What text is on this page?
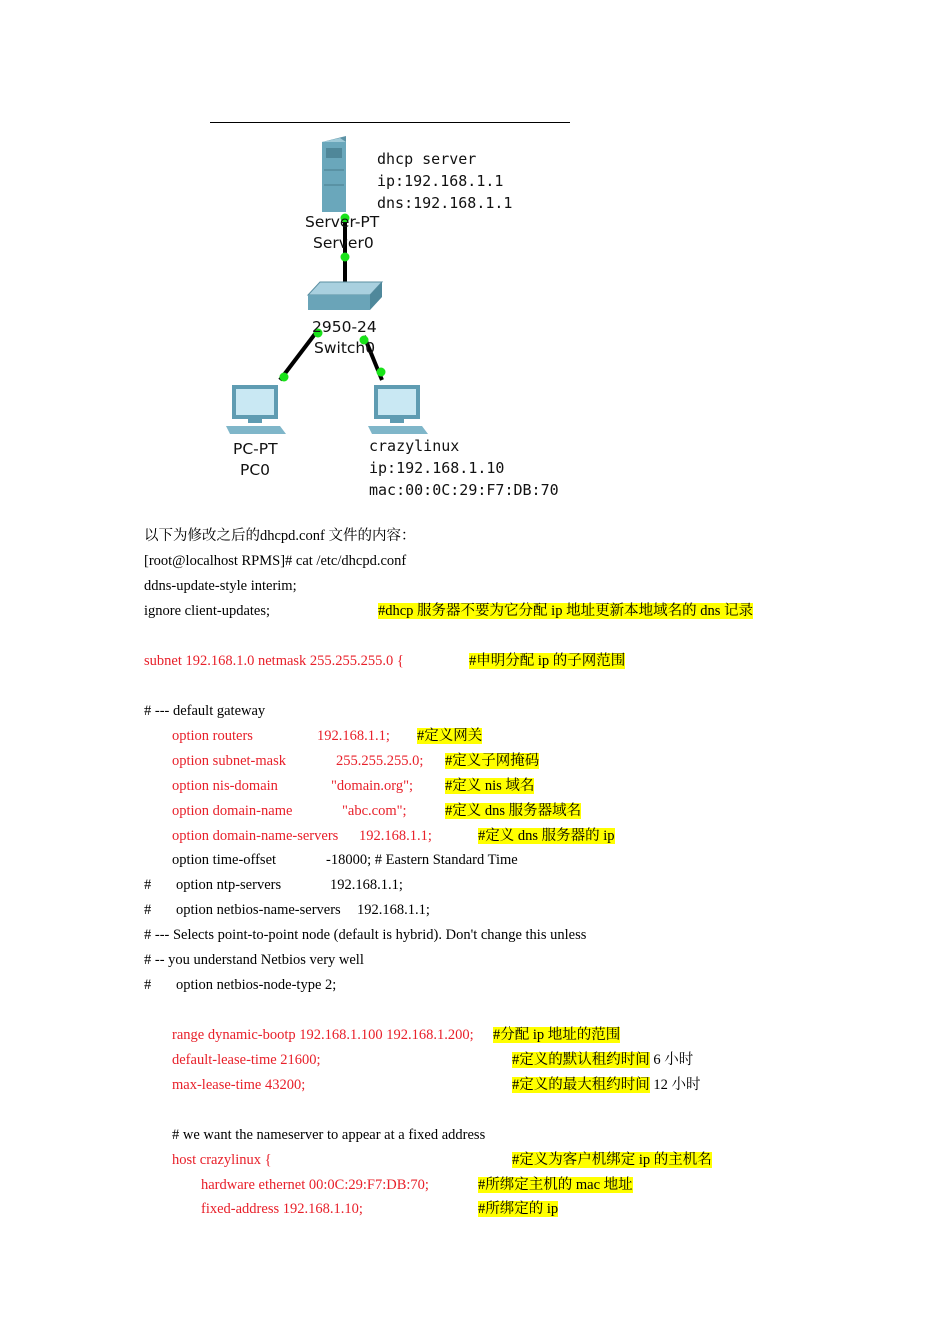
dhcp server
ip:192.168.1.1
dns:192.168.1.1
Server-PT
Server0
2950-24
Switch0
PC-PT
PC0
crazylinux
ip:192.168.1.10
mac:00:0C:29:F7:DB:70
以下为修改之后的dhcpd.conf 文件的内容：
[root@localhost RPMS]# cat /etc/dhcpd.conf
ddns-update-style interim;
ignore client-updates;	#dhcp 服务器不要为它分配 ip 地址更新本地域名的 dns 记录
subnet 192.168.1.0 netmask 255.255.255.0 {	#申明分配 ip 的子网范围
# --- default gateway
option routers	192.168.1.1; #定义网关
option subnet-mask	255.255.255.0; #定义子网掩码
option nis-domain	"domain.org"; #定义 nis 域名
option domain-name	"abc.com";	#定义 dns 服务器域名
option domain-name-servers 192.168.1.1;	#定义 dns 服务器的 ip
option time-offset	-18000; # Eastern Standard Time
# option ntp-servers	192.168.1.1;
# option netbios-name-servers 192.168.1.1;
# --- Selects point-to-point node (default is hybrid). Don't change this unless
# -- you understand Netbios very well
# option netbios-node-type 2;
range dynamic-bootp 192.168.1.100 192.168.1.200; #分配 ip 地址的范围
default-lease-time 21600;	#定义的默认租约时间 6 小时
max-lease-time 43200;	#定义的最大租约时间 12 小时
# we want the nameserver to appear at a fixed address
host crazylinux {	#定义为客户机绑定 ip 的主机名
hardware ethernet 00:0C:29:F7:DB:70;	#所绑定主机的 mac 地址
fixed-address 192.168.1.10;	#所绑定的 ip
